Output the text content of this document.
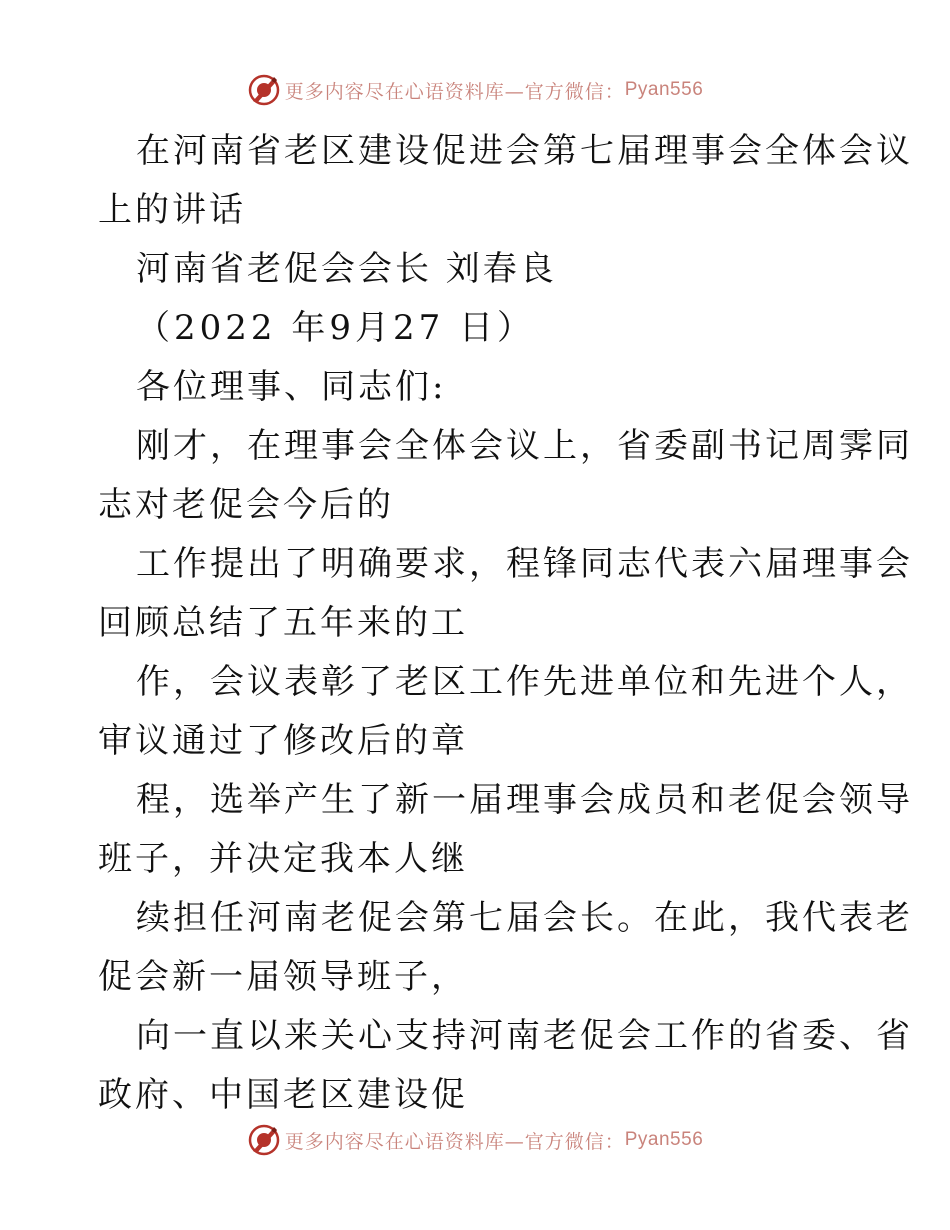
更多内容尽在心语资料库—官方微信： Pyan556
在河南省老区建设促进会第七届理事会全体会议
上的讲话
河南省老促会会长 刘春良
（2022 年9月27 日）
各位理事、同志们:
刚才，在理事会全体会议上，省委副书记周霁同
志对老促会今后的
工作提出了明确要求，程锋同志代表六届理事会
回顾总结了五年来的工
作，会议表彰了老区工作先进单位和先进个人，
审议通过了修改后的章
程，选举产生了新一届理事会成员和老促会领导
班子，并决定我本人继
续担任河南老促会第七届会长。在此，我代表老
促会新一届领导班子，
向一直以来关心支持河南老促会工作的省委、省
政府、中国老区建设促
更多内容尽在心语资料库—官方微信： Pyan556
